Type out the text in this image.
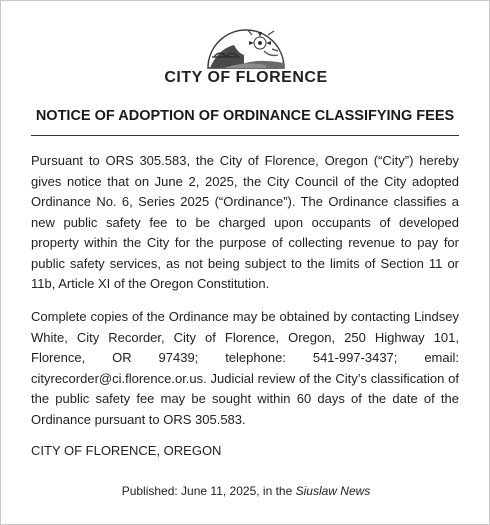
CITY OF FLORENCE
NOTICE OF ADOPTION OF ORDINANCE CLASSIFYING FEES

Pursuant to ORS 305.583, the City of Florence, Oregon (“City”) hereby gives notice that on June 2, 2025, the City Council of the City adopted Ordinance No. 6, Series 2025 (“Ordinance”). The Ordinance classifies a new public safety fee to be charged upon occupants of developed property within the City for the purpose of collecting revenue to pay for public safety services, as not being subject to the limits of Section 11 or 11b, Article XI of the Oregon Constitution.

Complete copies of the Ordinance may be obtained by contacting Lindsey White, City Recorder, City of Florence, Oregon, 250 Highway 101, Florence, OR 97439; telephone: 541-997-3437; email: cityrecorder@ci.florence.or.us. Judicial review of the City’s classification of the public safety fee may be sought within 60 days of the date of the Ordinance pursuant to ORS 305.583.

CITY OF FLORENCE, OREGON
Published: June 11, 2025, in the Siuslaw News
